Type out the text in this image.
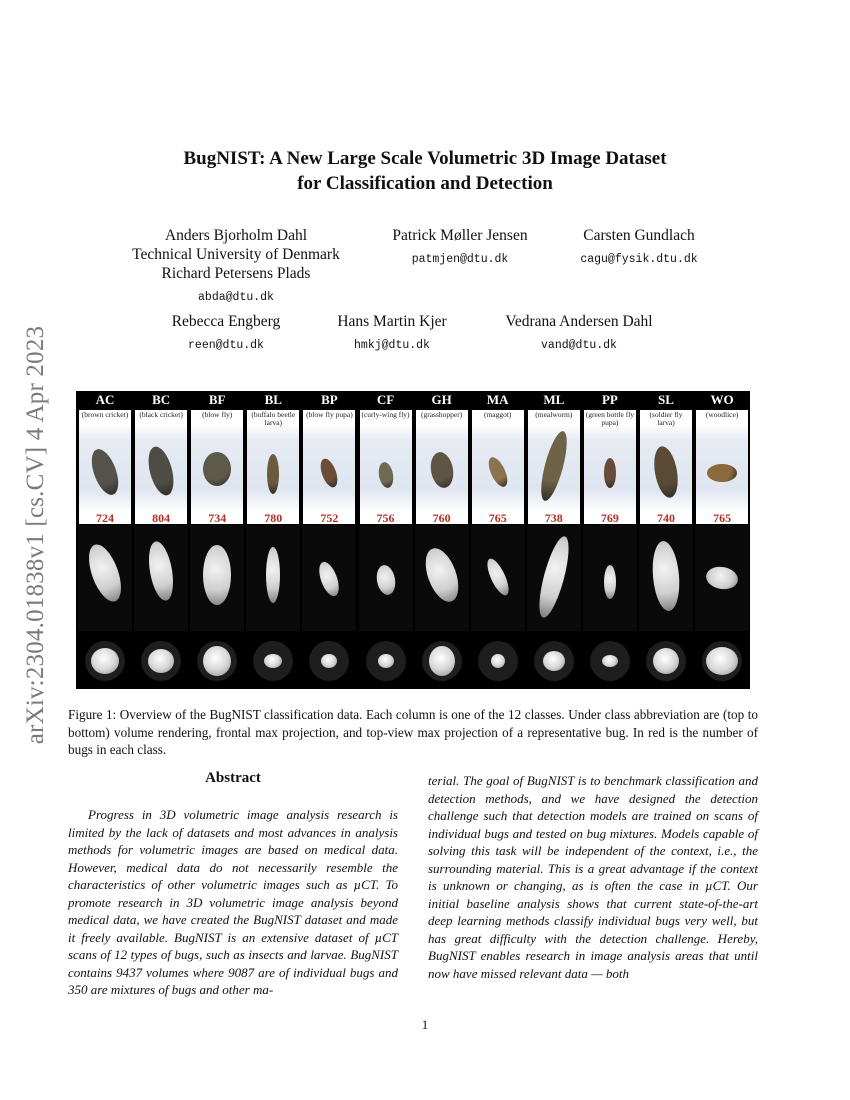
arXiv:2304.01838v1 [cs.CV] 4 Apr 2023
BugNIST: A New Large Scale Volumetric 3D Image Dataset
for Classification and Detection
Anders Bjorholm Dahl
Technical University of Denmark
Richard Petersens Plads
abda@dtu.dk
Patrick Møller Jensen
patmjen@dtu.dk
Carsten Gundlach
cagu@fysik.dtu.dk
Rebecca Engberg
reen@dtu.dk
Hans Martin Kjer
hmkj@dtu.dk
Vedrana Andersen Dahl
vand@dtu.dk
AC
(brown cricket)
724
BC
(black cricket)
804
BF
(blow fly)
734
BL
(buffalo beetle larva)
780
BP
(blow fly pupa)
752
CF
(curly-wing fly)
756
GH
(grasshopper)
760
MA
(maggot)
765
ML
(mealworm)
738
PP
(green bottle fly pupa)
769
SL
(soldier fly larva)
740
WO
(woodlice)
765
Figure 1: Overview of the BugNIST classification data. Each column is one of the 12 classes. Under class abbreviation are (top to bottom) volume rendering, frontal max projection, and top-view max projection of a representative bug. In red is the number of bugs in each class.
Abstract
Progress in 3D volumetric image analysis research is limited by the lack of datasets and most advances in analysis methods for volumetric images are based on medical data. However, medical data do not necessarily resemble the characteristics of other volumetric images such as µCT. To promote research in 3D volumetric image analysis beyond medical data, we have created the BugNIST dataset and made it freely available. BugNIST is an extensive dataset of µCT scans of 12 types of bugs, such as insects and larvae. BugNIST contains 9437 volumes where 9087 are of individual bugs and 350 are mixtures of bugs and other ma-
terial. The goal of BugNIST is to benchmark classification and detection methods, and we have designed the detection challenge such that detection models are trained on scans of individual bugs and tested on bug mixtures. Models capable of solving this task will be independent of the context, i.e., the surrounding material. This is a great advantage if the context is unknown or changing, as is often the case in µCT. Our initial baseline analysis shows that current state-of-the-art deep learning methods classify individual bugs very well, but has great difficulty with the detection challenge. Hereby, BugNIST enables research in image analysis areas that until now have missed relevant data — both
1
